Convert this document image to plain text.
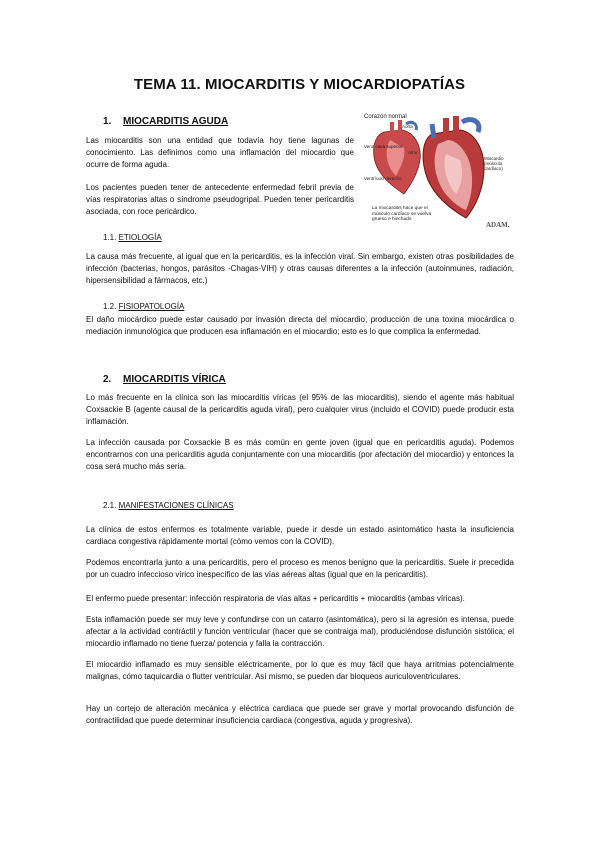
TEMA 11. MIOCARDITIS Y MIOCARDIOPATÍAS
1. MIOCARDITIS AGUDA

Las miocarditis son una entidad que todavía hoy tiene lagunas de conocimiento. Las definimos como una inflamación del miocardio que ocurre de forma aguda.

Los pacientes pueden tener de antecedente enfermedad febril previa de vías respiratorias altas o síndrome pseudogripal. Pueden tener pericarditis asociada, con roce pericárdico.

Corazón normal
Aorta
Vena cava superior
Atrio
Ventrículo derecho
Miocardio (músculo cardíaco)
La miocarditis hace que el músculo cardíaco se vuelva grueso e hinchado
ADAM.
1.1. ETIOLOGÍA

La causa más frecuente, al igual que en la pericarditis, es la infección viral. Sin embargo, existen otras posibilidades de infección (bacterias, hongos, parásitos -Chagas-VIH) y otras causas diferentes a la infección (autoinmunes, radiación, hipersensibilidad a fármacos, etc.)

1.2. FISIOPATOLOGÍA

El daño miocárdico puede estar causado por invasión directa del miocardio, producción de una toxina miocárdica o mediación inmunológica que producen esa inflamación en el miocardio; esto es lo que complica la enfermedad.

2. MIOCARDITIS VÍRICA

Lo más frecuente en la clínica son las miocarditis víricas (el 95% de las miocarditis), siendo el agente más habitual Coxsackie B (agente causal de la pericarditis aguda viral), pero cualquier virus (incluido el COVID) puede producir esta inflamación.

La infección causada por Coxsackie B es más común en gente joven (igual que en pericarditis aguda). Podemos encontrarnos con una pericarditis aguda conjuntamente con una miocarditis (por afectación del miocardio) y entonces la cosa será mucho más seria.

2.1. MANIFESTACIONES CLÍNICAS

La clínica de estos enfermos es totalmente variable, puede ir desde un estado asintomático hasta la insuficiencia cardiaca congestiva rápidamente mortal (cómo vemos con la COVID).

Podemos encontrarla junto a una pericarditis, pero el proceso es menos benigno que la pericarditis. Suele ir precedida por un cuadro infeccioso vírico inespecífico de las vías aéreas altas (igual que en la pericarditis).

El enfermo puede presentar: infección respiratoria de vías altas + pericarditis + miocarditis (ambas víricas).

Esta inflamación puede ser muy leve y confundirse con un catarro (asintomática), pero si la agresión es intensa, puede afectar a la actividad contráctil y función ventricular (hacer que se contraiga mal), produciéndose disfunción sistólica; el miocardio inflamado no tiene fuerza/ potencia y falla la contracción.

El miocardio inflamado es muy sensible eléctricamente, por lo que es muy fácil que haya arritmias potencialmente malignas, cómo taquicardia o flutter ventricular. Así mismo, se pueden dar bloqueos auriculoventriculares.

Hay un cortejo de alteración mecánica y eléctrica cardiaca que puede ser grave y mortal provocando disfunción de contractilidad que puede determinar insuficiencia cardiaca (congestiva, aguda y progresiva).
